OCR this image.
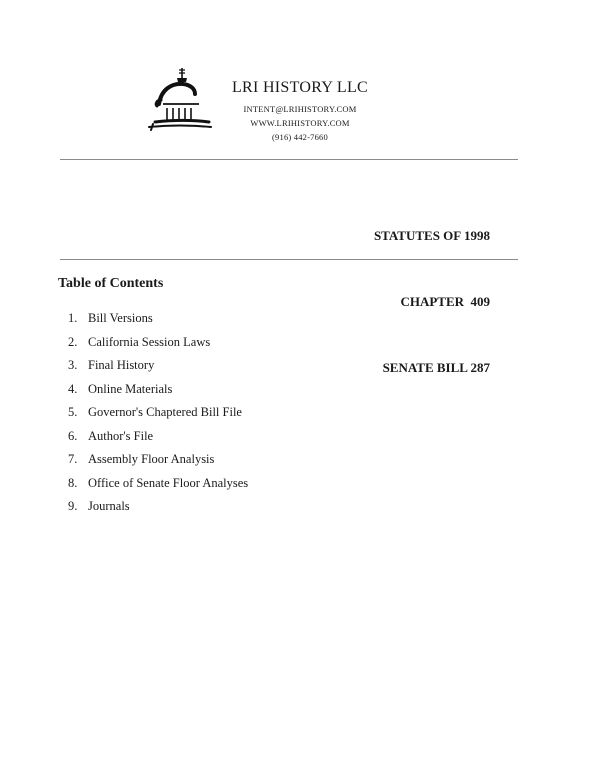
LRI HISTORY LLC
INTENT@LRIHISTORY.COM
WWW.LRIHISTORY.COM
(916) 442-7660

STATUTES OF 1998

CHAPTER  409

SENATE BILL 287

Table of Contents
1. Bill Versions
2. California Session Laws
3. Final History
4. Online Materials
5. Governor's Chaptered Bill File
6. Author's File
7. Assembly Floor Analysis
8. Office of Senate Floor Analyses
9. Journals
